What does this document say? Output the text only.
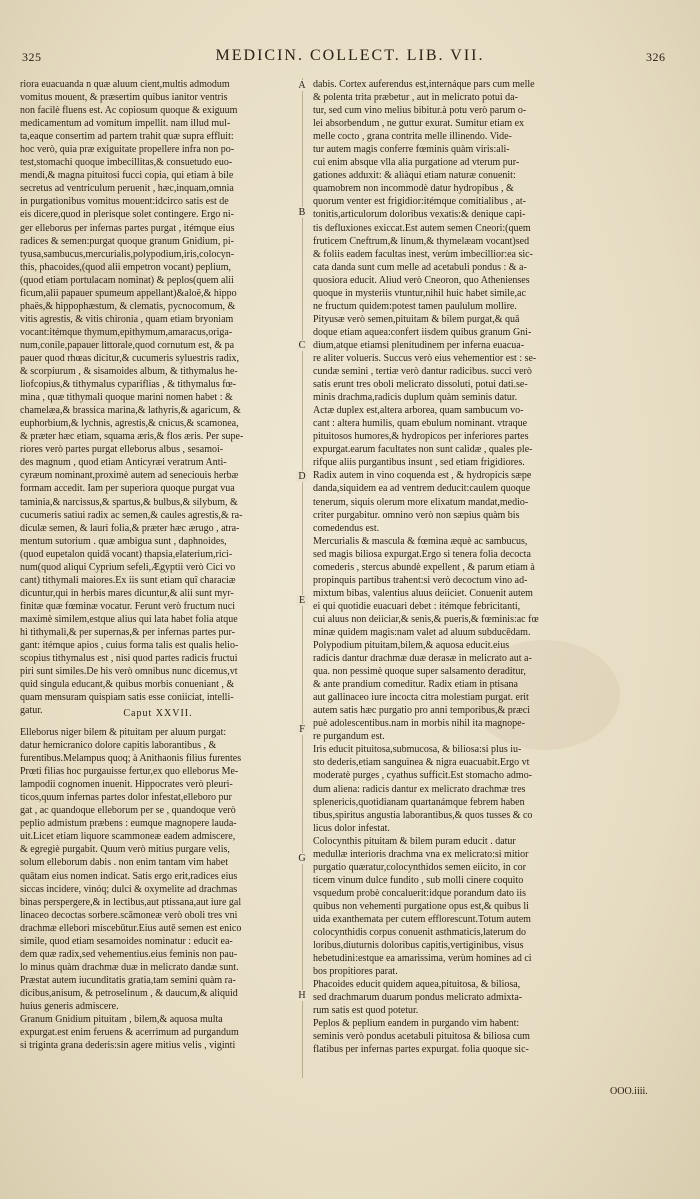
325	MEDICIN. COLLECT. LIB. VII.	326
A
B
C
D
E
F
G
H
riora euacuanda n quæ aluum cient,multis admodum
vomitus mouent, & præsertim quibus ianitor ventris
non facilè fluens est. Ac copiosum quoque & exiguum
medicamentum ad vomitum impellit. nam illud mul-
ta,eaque consertim ad partem trahit quæ supra effluit:
hoc verò, quia præ exiguitate propellere infra non po-
test,stomachi quoque imbecillitas,& consuetudo euo-
mendi,& magna pituitosi fucci copia, qui etiam à bile
secretus ad ventriculum peruenit , hæc,inquam,omnia
in purgationibus vomitus mouent:idcirco satis est de
eis dicere,quod in plerisque solet contingere. Ergo ni-
ger elleborus per infernas partes purgat , itémque eius
radices & semen:purgat quoque granum Gnidium, pi-
tyusa,sambucus,mercurialis,polypodium,iris,colocyn-
this, phacoides,(quod alii empetron vocant) peplium,
(quod etiam portulacam nominat) & peplos(quem alii
ficum,alii papauer spumeum appellant)&aloë,& hippo
phaës,& hippophæstum, & clematis, pycnocomum, &
vitis agrestis, & vitis chironia , quam etiam bryoniam
vocant:itémque thymum,epithymum,amaracus,origa-
num,conile,papauer littorale,quod cornutum est, & pa
pauer quod rhœas dicitur,& cucumeris syluestris radix,
& scorpiurum , & sisamoides album, & tithymalus he-
liofcopius,& tithymalus cypariflias , & tithymalus fœ-
mina , quæ tithymali quoque marini nomen habet : &
chamelæa,& brassica marina,& lathyris,& agaricum, &
euphorbium,& lychnis, agrestis,& cnicus,& scamonea,
& præter hæc etiam, squama æris,& flos æris. Per supe-
riores verò partes purgat elleborus albus , sesamoi-
des magnum , quod etiam Anticyræi veratrum Anti-
cyræum nominant,proximè autem ad seneciouis herbæ
formam accedit. Iam per superiora quoque purgat vua
taminia,& narcissus,& spartus,& bulbus,& silybum, &
cucumeris satiui radix ac semen,& caules agrestis,& ra-
diculæ semen, & lauri folia,& præter hæc ærugo , atra-
mentum sutorium . quæ ambigua sunt , daphnoides,
(quod eupetalon quidā vocant) thapsia,elaterium,rici-
num(quod aliqui Cyprium sefeli,Ægyptii verò Cici vo
cant) tithymali maiores.Ex iis sunt etiam quî characiæ
dicuntur,qui in herbis mares dicuntur,& alii sunt myr-
finitæ quæ fœminæ vocatur. Ferunt verò fructum nuci
maximè similem,estque alius qui lata habet folia atque
hi tithymali,& per supernas,& per infernas partes pur-
gant: itémque apios , cuius forma talis est qualis helio-
scopius tithymalus est , nisi quod partes radicis fructui
piri sunt similes.De his verò omnibus nunc dicemus,vt
quid singula educant,& quibus morbis conueniant , &
quam mensuram quispiam satis esse coniiciat, intelli-
gatur.	Caput XXVII.
Elleborus niger bilem & pituitam per aluum purgat:
datur hemicranico dolore capitis laborantibus , &
furentibus.Melampus quoq; à Anithaonis filius furentes
Prœti filias hoc purgauisse fertur,ex quo elleborus Me-
lampodii cognomen inuenit. Hippocrates verò pleuri-
ticos,quum infernas partes dolor infestat,elleboro pur
gat , ac quandoque elleborum per se , quandoque verò
peplio admistum præbens : eumque magnopere lauda-
uit.Licet etiam liquore scammoneæ eadem admiscere,
& egregiè purgabit. Quum verò mitius purgare velis,
solum elleborum dabis . non enim tantam vim habet
quātam eius nomen indicat. Satis ergo erit,radices eius
siccas incidere, vinóq; dulci & oxymelite ad drachmas
binas perspergere,& in lectibus,aut ptissana,aut iure gal
linaceo decoctas sorbere.scāmoneæ verò oboli tres vni
drachmæ ellebori miscebūtur.Eius autē semen est enico
simile, quod etiam sesamoides nominatur : educit ea-
dem quæ radix,sed vehementius.eius feminis non pau-
lo minus quàm drachmæ duæ in melicrato dandæ sunt.
Præstat autem iucunditatis gratia,tam semini quàm ra-
dicibus,anisum, & petroselinum , & daucum,& aliquid
huius generis admiscere.
Granum Gnidium pituitam , bilem,& aquosa multa
expurgat.est enim feruens & acerrimum ad purgandum
si triginta grana dederis:sin agere mitius velis , viginti
dabis. Cortex auferendus est,internáque pars cum melle
& polenta trita præbetur , aut in melicrato potui da-
tur, sed cum vino melius bibitur.à potu verò parum o-
lei absorbendum , ne guttur exurat. Sumitur etiam ex
melle cocto , grana contrita melle illinendo. Vide-
tur autem magis conferre fœminis quàm viris:ali-
cui enim absque vlla alia purgatione ad vterum pur-
gationes adduxit: & aliàqui etiam naturæ conuenit:
quamobrem non incommodè datur hydropibus , &
quorum venter est frigidior:itémque comitialibus , at-
tonitis,articulorum doloribus vexatis:& denique capi-
tis defluxiones exiccat.Est autem semen Cneori:(quem
fruticem Cneftrum,& linum,& thymelæam vocant)sed
& foliis eadem facultas inest, verùm imbecillior:ea sic-
cata danda sunt cum melle ad acetabuli pondus : & a-
quosiora educit. Aliud verò Cneoron, quo Athenienses
quoque in mysteriis vtuntur,nihil huic habet simile,ac
ne fructum quidem:potest tamen paululum mollire.
Pityusæ verò semen,pituitam & bilem purgat,& quā
doque etiam aquea:confert iisdem quibus granum Gni-
dium,atque etiamsi plenitudinem per inferna euacua-
re aliter volueris. Succus verò eius vehementior est : se-
cundæ semini , tertiæ verò dantur radicibus. succi verò
satis erunt tres oboli melicrato dissoluti, potui dati.se-
minis drachma,radicis duplum quàm seminis datur.
Actæ duplex est,altera arborea, quam sambucum vo-
cant : altera humilis, quam ebulum nominant. vtraque
pituitosos humores,& hydropicos per inferiores partes
expurgat.earum facultates non sunt calidæ , quales ple-
rifque aliis purgantibus insunt , sed etiam frigidiores.
Radix autem in vino coquenda est , & hydropicis sæpe
danda,siquidem ea ad ventrem deducit:caulem quoque
tenerum, siquis olerum more elixatum mandat,medio-
criter purgabitur. omnino verò non sæpius quàm bis
comedendus est.
Mercurialis & mascula & fœmina æquè ac sambucus,
sed magis biliosa expurgat.Ergo si tenera folia decocta
comederis , stercus abundè expellent , & parum etiam à
propinquis partibus trahent:si verò decoctum vino ad-
mixtum bibas, valentius aluus deiiciet. Conuenit autem
ei qui quotidie euacuari debet : itémque febricitanti,
cui aluus non deiiciar,& senis,& pueris,& fœminis:ac fœ
minæ quidem magis:nam valet ad aluum subducēdam.
Polypodium pituitam,bilem,& aquosa educit.eius
radicis dantur drachmæ duæ derasæ in melicrato aut a-
qua. non pessimè quoque super salsamento deraditur,
& ante prandium comeditur. Radix etiam in ptisana
aut gallinaceo iure incocta citra molestiam purgat. erit
autem satis hæc purgatio pro anni temporibus,& præci
puè adolescentibus.nam in morbis nihil ita magnope-
re purgandum est.
Iris educit pituitosa,submucosa, & biliosa:si plus iu-
sto dederis,etiam sanguinea & nigra euacuabit.Ergo vt
moderatè purges , cyathus sufficit.Est stomacho admo-
dum aliena: radicis dantur ex melicrato drachmæ tres
splenericis,quotidianam quartanámque febrem haben
tibus,spiritus angustia laborantibus,& quos tusses & co
licus dolor infestat.
Colocynthis pituitam & bilem puram educit . datur
medullæ interioris drachma vna ex melicrato:si mitior
purgatio quæratur,colocynthidos semen eiicito, in cor
ticem vinum dulce fundito , sub molli cinere coquito
vsquedum probè concaluerit:idque porandum dato iis
quibus non vehementi purgatione opus est,& quibus li
uida exanthemata per cutem efflorescunt.Totum autem
colocynthidis corpus conuenit asthmaticis,laterum do
loribus,diuturnis doloribus capitis,vertiginibus, visus
hebetudini:estque ea amarissima, verùm homines ad ci
bos propitiores parat.
Phacoides educit quidem aquea,pituitosa, & biliosa,
sed drachmarum duarum pondus melicrato admixta-
rum satis est quod potetur.
Peplos & peplium eandem in purgando vim habent:
seminis verò pondus acetabuli pituitosa & biliosa cum
flatibus per infernas partes expurgat. folia quoque sic-
OOO.iiii.
